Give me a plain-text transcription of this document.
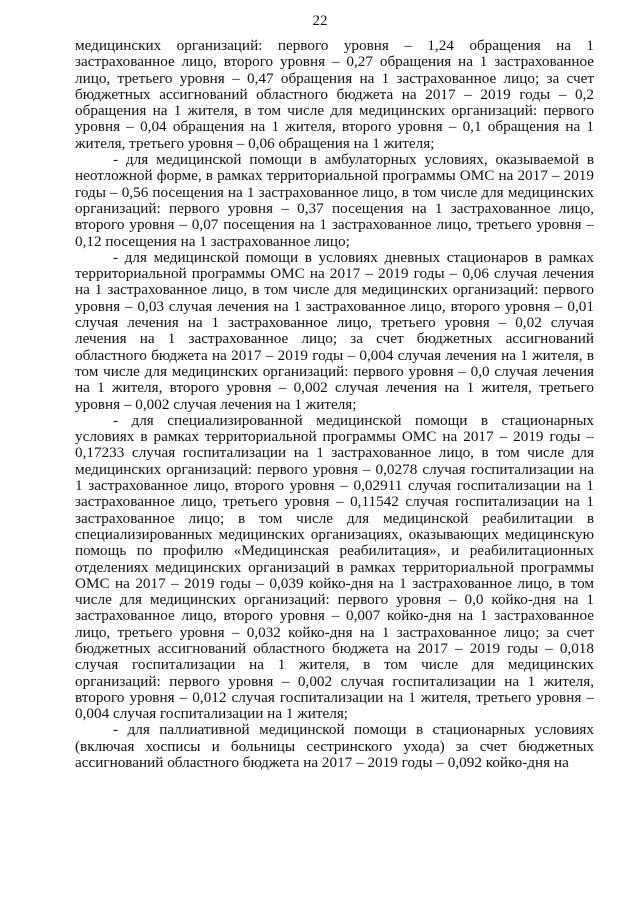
22

медицинских организаций: первого уровня – 1,24 обращения на 1 застрахованное лицо, второго уровня – 0,27 обращения на 1 застрахованное лицо, третьего уровня – 0,47 обращения на 1 застрахованное лицо; за счет бюджетных ассигнований областного бюджета на 2017 – 2019 годы – 0,2 обращения на 1 жителя, в том числе для медицинских организаций: первого уровня – 0,04 обращения на 1 жителя, второго уровня – 0,1 обращения на 1 жителя, третьего уровня – 0,06 обращения на 1 жителя;

- для медицинской помощи в амбулаторных условиях, оказываемой в неотложной форме, в рамках территориальной программы ОМС на 2017 – 2019 годы – 0,56 посещения на 1 застрахованное лицо, в том числе для медицинских организаций: первого уровня – 0,37 посещения на 1 застрахованное лицо, второго уровня – 0,07 посещения на 1 застрахованное лицо, третьего уровня – 0,12 посещения на 1 застрахованное лицо;

- для медицинской помощи в условиях дневных стационаров в рамках территориальной программы ОМС на 2017 – 2019 годы – 0,06 случая лечения на 1 застрахованное лицо, в том числе для медицинских организаций: первого уровня – 0,03 случая лечения на 1 застрахованное лицо, второго уровня – 0,01 случая лечения на 1 застрахованное лицо, третьего уровня – 0,02 случая лечения на 1 застрахованное лицо; за счет бюджетных ассигнований областного бюджета на 2017 – 2019 годы – 0,004 случая лечения на 1 жителя, в том числе для медицинских организаций: первого уровня – 0,0 случая лечения на 1 жителя, второго уровня – 0,002 случая лечения на 1 жителя, третьего уровня – 0,002 случая лечения на 1 жителя;

- для специализированной медицинской помощи в стационарных условиях в рамках территориальной программы ОМС на 2017 – 2019 годы – 0,17233 случая госпитализации на 1 застрахованное лицо, в том числе для медицинских организаций: первого уровня – 0,0278 случая госпитализации на 1 застрахованное лицо, второго уровня – 0,02911 случая госпитализации на 1 застрахованное лицо, третьего уровня – 0,11542 случая госпитализации на 1 застрахованное лицо; в том числе для медицинской реабилитации в специализированных медицинских организациях, оказывающих медицинскую помощь по профилю «Медицинская реабилитация», и реабилитационных отделениях медицинских организаций в рамках территориальной программы ОМС на 2017 – 2019 годы – 0,039 койко-дня на 1 застрахованное лицо, в том числе для медицинских организаций: первого уровня – 0,0 койко-дня на 1 застрахованное лицо, второго уровня – 0,007 койко-дня на 1 застрахованное лицо, третьего уровня – 0,032 койко-дня на 1 застрахованное лицо; за счет бюджетных ассигнований областного бюджета на 2017 – 2019 годы – 0,018 случая госпитализации на 1 жителя, в том числе для медицинских организаций: первого уровня – 0,002 случая госпитализации на 1 жителя, второго уровня – 0,012 случая госпитализации на 1 жителя, третьего уровня – 0,004 случая госпитализации на 1 жителя;

- для паллиативной медицинской помощи в стационарных условиях (включая хосписы и больницы сестринского ухода) за счет бюджетных ассигнований областного бюджета на 2017 – 2019 годы – 0,092 койко-дня на
